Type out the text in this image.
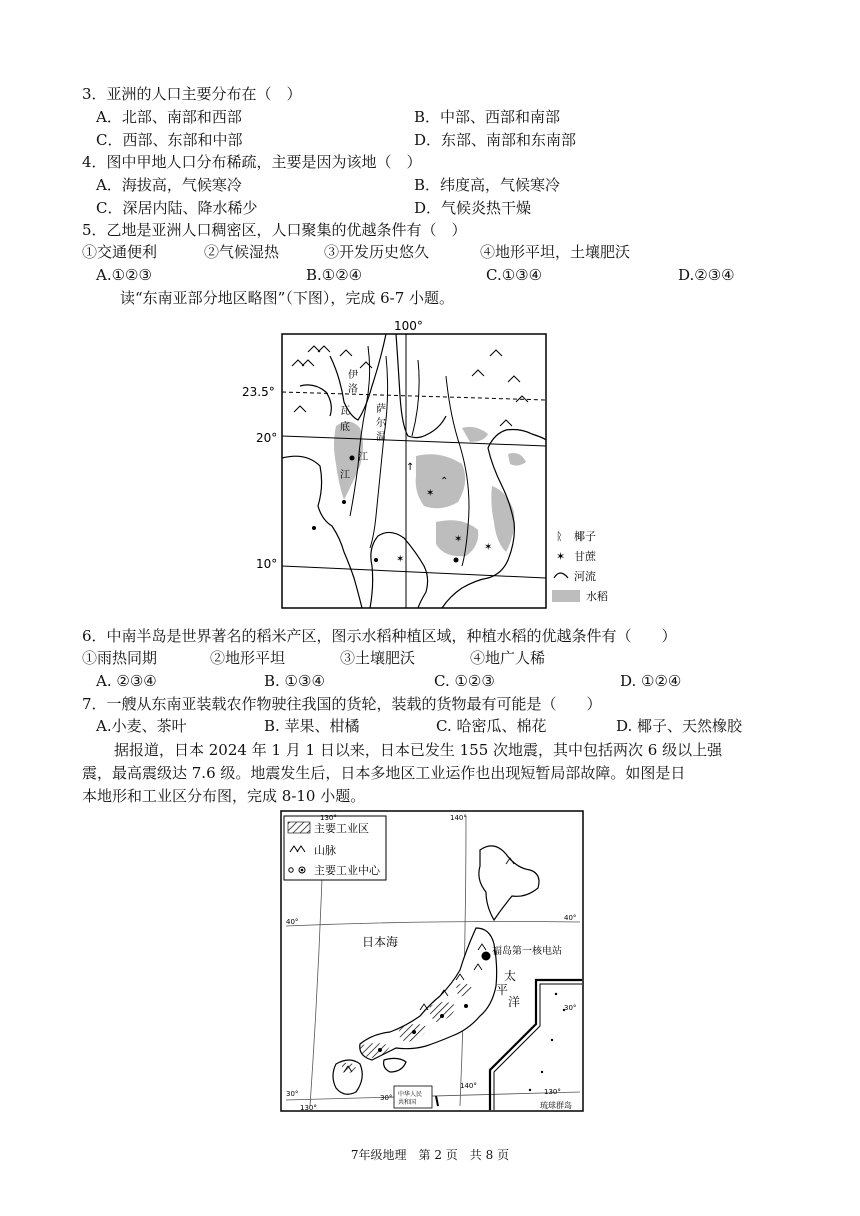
3．亚洲的人口主要分布在（　）
A．北部、南部和西部	B．中部、西部和南部
C．西部、东部和中部	D．东部、南部和东南部
4．图中甲地人口分布稀疏，主要是因为该地（　）
A．海拔高，气候寒冷	B．纬度高，气候寒冷
C．深居内陆、降水稀少	D．气候炎热干燥
5．乙地是亚洲人口稠密区，人口聚集的优越条件有（　）
①交通便利	②气候湿热	③开发历史悠久	④地形平坦，土壤肥沃
A.①②③	B.①②④	C.①③④	D.②③④
读“东南亚部分地区略图”（下图），完成 6-7 小题。
↑
✶
✶
✶
✶
⌃
100°
23.5°
20°
10°
伊
洛
瓦
底
萨
尔
温
江
江
ᚱ 椰子
✶ 甘蔗
河流
水稻
6．中南半岛是世界著名的稻米产区，图示水稻种植区域，种植水稻的优越条件有（　　）
①雨热同期	②地形平坦	③土壤肥沃	④地广人稀
A. ②③④	B. ①③④	C. ①②③	D. ①②④
7．一艘从东南亚装载农作物驶往我国的货轮，装载的货物最有可能是（　　）
A.小麦、茶叶	B. 苹果、柑橘	C. 哈密瓜、棉花	D. 椰子、天然橡胶
据报道，日本 2024 年 1 月 1 日以来，日本已发生 155 次地震，其中包括两次 6 级以上强
震，最高震级达 7.6 级。地震发生后，日本多地区工业运作也出现短暂局部故障。如图是日
本地形和工业区分布图，完成 8-10 小题。
主要工业区
山脉
主要工业中心
中华人民
共和国
日本海
福岛第一核电站
太
平
洋
琉球群岛
130°	140°
40°	40°
30°
30°	30°
140°
130°
130°
7年级地理　第 2 页　共 8 页
